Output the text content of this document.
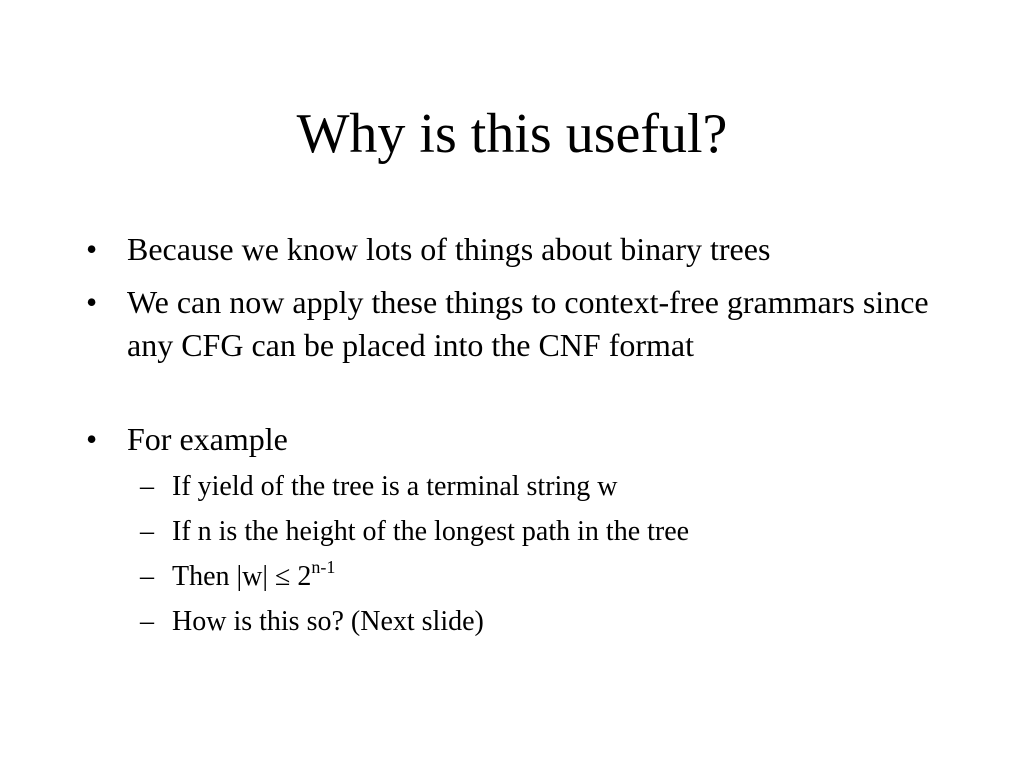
Why is this useful?
• Because we know lots of things about binary trees
• We can now apply these things to context-free grammars since any CFG can be placed into the CNF format
• For example
– If yield of the tree is a terminal string w
– If n is the height of the longest path in the tree
– Then $|w| \le 2^{n-1}$
– How is this so? (Next slide)
